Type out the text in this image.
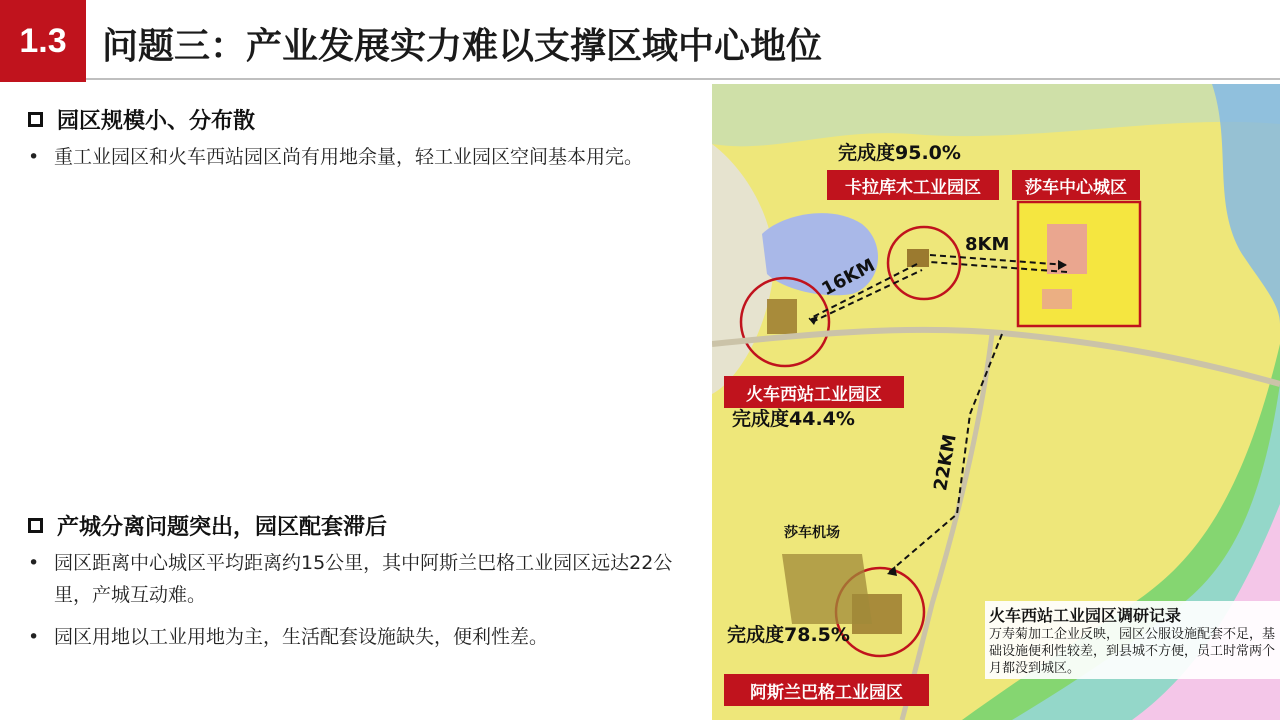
1.3 问题三：产业发展实力难以支撑区域中心地位
园区规模小、分布散
• 重工业园区和火车西站园区尚有用地余量，轻工业园区空间基本用完。
产城分离问题突出，园区配套滞后
• 园区距离中心城区平均距离约15公里，其中阿斯兰巴格工业园区远达22公里，产城互动难。
• 园区用地以工业用地为主，生活配套设施缺失，便利性差。
完成度95.0%
卡拉库木工业园区	莎车中心城区
8KM
16KM
22KM
火车西站工业园区
完成度44.4%
莎车机场
完成度78.5%
阿斯兰巴格工业园区
火车西站工业园区调研记录
万寿菊加工企业反映，园区公服设施配套不足，基础设施便利性较差，到县城不方便，员工时常两个月都没到城区。
